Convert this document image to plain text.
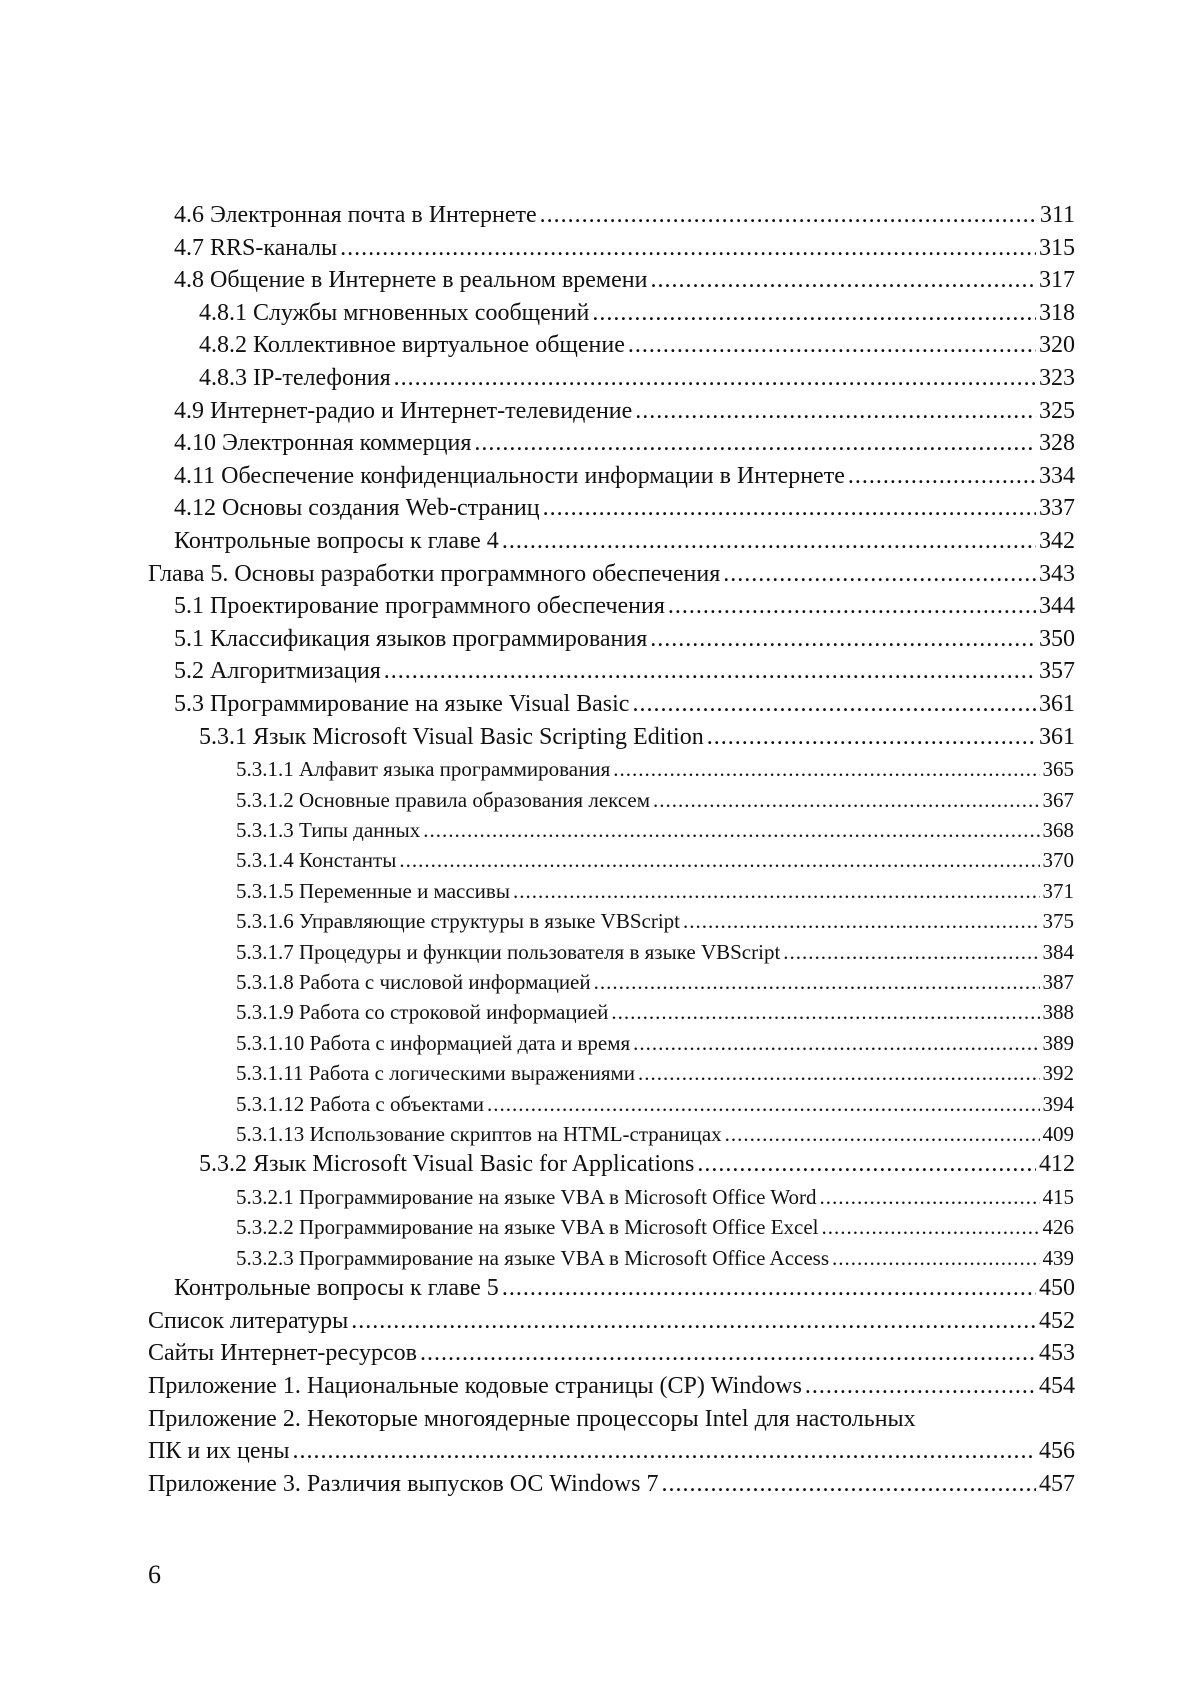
4.6 Электронная почта в Интернете .....	311
4.7 RRS-каналы .....	315
4.8 Общение в Интернете в реальном времени .....	317
4.8.1 Службы мгновенных сообщений .....	318
4.8.2 Коллективное виртуальное общение .....	320
4.8.3 IP-телефония .....	323
4.9 Интернет-радио и Интернет-телевидение .....	325
4.10 Электронная коммерция .....	328
4.11 Обеспечение конфиденциальности информации в Интернете .....	334
4.12 Основы создания Web-страниц .....	337
Контрольные вопросы к главе 4 .....	342
Глава 5. Основы разработки программного обеспечения .....	343
5.1 Проектирование программного обеспечения .....	344
5.1 Классификация языков программирования .....	350
5.2 Алгоритмизация .....	357
5.3 Программирование на языке Visual Basic .....	361
5.3.1 Язык Microsoft Visual Basic Scripting Edition .....	361
5.3.1.1 Алфавит языка программирования .....	365
5.3.1.2 Основные правила образования лексем .....	367
5.3.1.3 Типы данных .....	368
5.3.1.4 Константы .....	370
5.3.1.5 Переменные и массивы .....	371
5.3.1.6 Управляющие структуры в языке VBScript .....	375
5.3.1.7 Процедуры и функции пользователя в языке VBScript .....	384
5.3.1.8 Работа с числовой информацией .....	387
5.3.1.9 Работа со строковой информацией .....	388
5.3.1.10 Работа с информацией дата и время .....	389
5.3.1.11 Работа с логическими выражениями .....	392
5.3.1.12 Работа с объектами .....	394
5.3.1.13 Использование скриптов на HTML-страницах .....	409
5.3.2 Язык Microsoft Visual Basic for Applications .....	412
5.3.2.1 Программирование на языке VBA в Microsoft Office Word .....	415
5.3.2.2 Программирование на языке VBA в Microsoft Office Excel .....	426
5.3.2.3 Программирование на языке VBA в Microsoft Office Access .....	439
Контрольные вопросы к главе 5 .....	450
Список литературы .....	452
Сайты Интернет-ресурсов .....	453
Приложение 1. Национальные кодовые страницы (CP) Windows .....	454
Приложение 2. Некоторые многоядерные процессоры Intel для настольных
ПК и их цены .....	456
Приложение 3. Различия выпусков ОС Windows 7 .....	457
6
